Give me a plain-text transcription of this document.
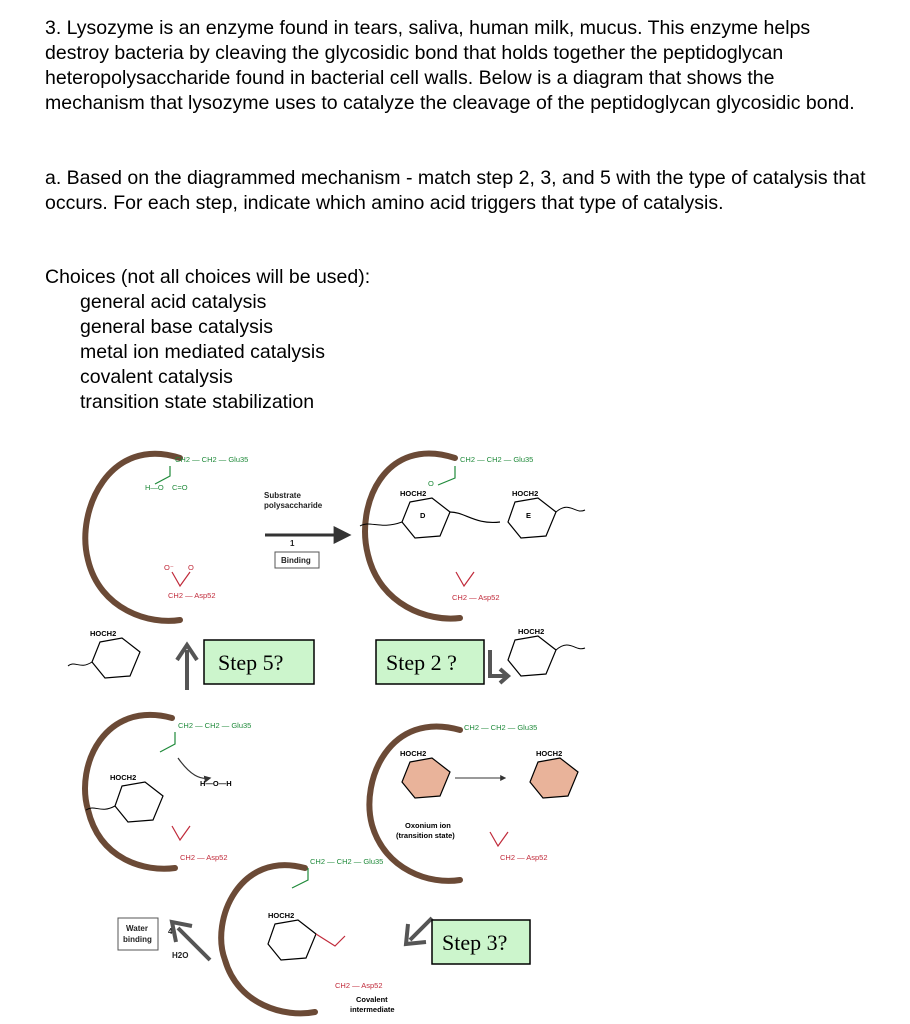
3. Lysozyme is an enzyme found in tears, saliva, human milk, mucus. This enzyme helps destroy bacteria by cleaving the glycosidic bond that holds together the peptidoglycan heteropolysaccharide found in bacterial cell walls. Below is a diagram that shows the mechanism that lysozyme uses to catalyze the cleavage of the peptidoglycan glycosidic bond.

a. Based on the diagrammed mechanism - match step 2, 3, and 5 with the type of catalysis that occurs. For each step, indicate which amino acid triggers that type of catalysis.

Choices (not all choices will be used):

general acid catalysis
general base catalysis
metal ion mediated catalysis
covalent catalysis
transition state stabilization
CH2 — CH2 — Glu35
H—O C=O
CH2 — Asp52
O⁻ O
Substrate
polysaccharide
1
Binding
CH2 — CH2 — Glu35
O
HOCH2	HOCH2
D	E
CH2 — Asp52
HOCH2
HOCH2
Step 5?	Step 2 ?
CH2 — CH2 — Glu35
H—O—H
HOCH2
CH2 — Asp52
CH2 — CH2 — Glu35
HOCH2	HOCH2
Oxonium ion
(transition state)
CH2 — Asp52
CH2 — CH2 — Glu35
HOCH2
CH2 — Asp52
Covalent
intermediate
Water
binding
4
H2O
Step 3?
